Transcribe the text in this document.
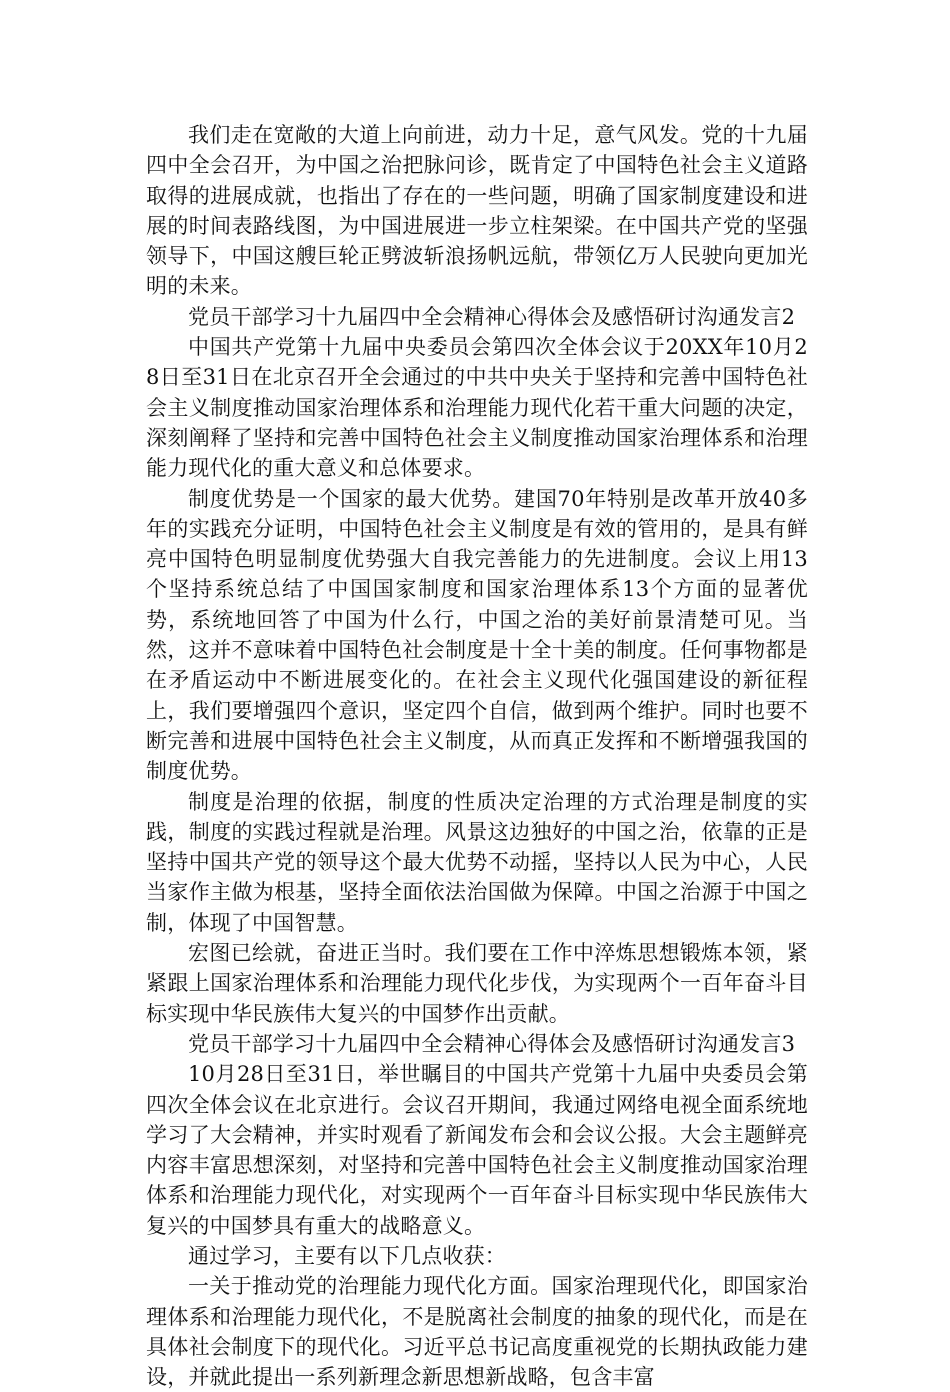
我们走在宽敞的大道上向前进，动力十足，意气风发。党的十九届四中全会召开，为中国之治把脉问诊，既肯定了中国特色社会主义道路取得的进展成就，也指出了存在的一些问题，明确了国家制度建设和进展的时间表路线图，为中国进展进一步立柱架梁。在中国共产党的坚强领导下，中国这艘巨轮正劈波斩浪扬帆远航，带领亿万人民驶向更加光明的未来。

党员干部学习十九届四中全会精神心得体会及感悟研讨沟通发言2

中国共产党第十九届中央委员会第四次全体会议于20XX年10月28日至31日在北京召开全会通过的中共中央关于坚持和完善中国特色社会主义制度推动国家治理体系和治理能力现代化若干重大问题的决定，深刻阐释了坚持和完善中国特色社会主义制度推动国家治理体系和治理能力现代化的重大意义和总体要求。

制度优势是一个国家的最大优势。建国70年特别是改革开放40多年的实践充分证明，中国特色社会主义制度是有效的管用的，是具有鲜亮中国特色明显制度优势强大自我完善能力的先进制度。会议上用13个坚持系统总结了中国国家制度和国家治理体系13个方面的显著优势，系统地回答了中国为什么行，中国之治的美好前景清楚可见。当然，这并不意味着中国特色社会制度是十全十美的制度。任何事物都是在矛盾运动中不断进展变化的。在社会主义现代化强国建设的新征程上，我们要增强四个意识，坚定四个自信，做到两个维护。同时也要不断完善和进展中国特色社会主义制度，从而真正发挥和不断增强我国的制度优势。

制度是治理的依据，制度的性质决定治理的方式治理是制度的实践，制度的实践过程就是治理。风景这边独好的中国之治，依靠的正是坚持中国共产党的领导这个最大优势不动摇，坚持以人民为中心，人民当家作主做为根基，坚持全面依法治国做为保障。中国之治源于中国之制，体现了中国智慧。

宏图已绘就，奋进正当时。我们要在工作中淬炼思想锻炼本领，紧紧跟上国家治理体系和治理能力现代化步伐，为实现两个一百年奋斗目标实现中华民族伟大复兴的中国梦作出贡献。

党员干部学习十九届四中全会精神心得体会及感悟研讨沟通发言3

10月28日至31日，举世瞩目的中国共产党第十九届中央委员会第四次全体会议在北京进行。会议召开期间，我通过网络电视全面系统地学习了大会精神，并实时观看了新闻发布会和会议公报。大会主题鲜亮内容丰富思想深刻，对坚持和完善中国特色社会主义制度推动国家治理体系和治理能力现代化，对实现两个一百年奋斗目标实现中华民族伟大复兴的中国梦具有重大的战略意义。

通过学习，主要有以下几点收获：

一关于推动党的治理能力现代化方面。国家治理现代化，即国家治理体系和治理能力现代化，不是脱离社会制度的抽象的现代化，而是在具体社会制度下的现代化。习近平总书记高度重视党的长期执政能力建设，并就此提出一系列新理念新思想新战略，包含丰富
